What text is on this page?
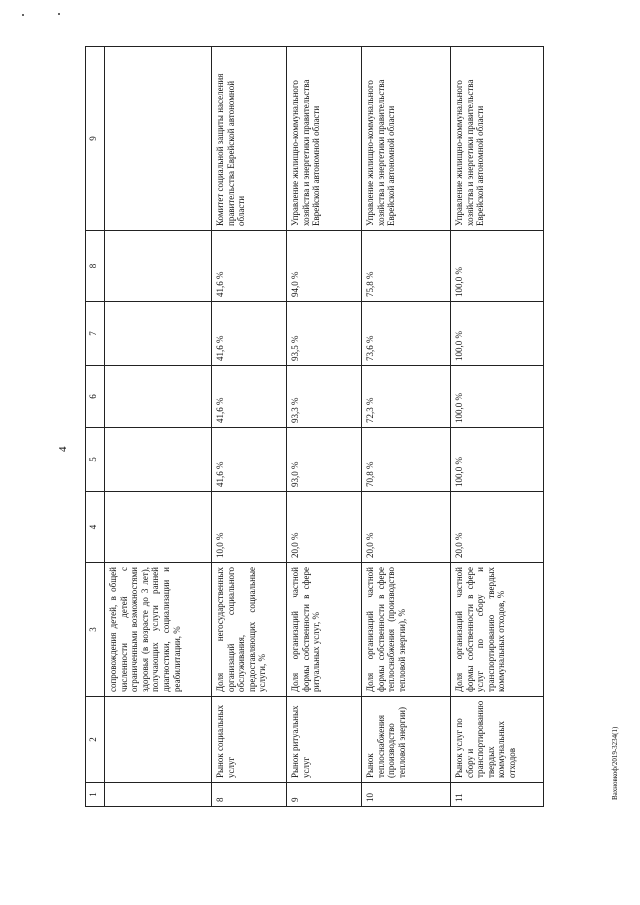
4
Вахновкоф/2019-3234(1)
1	2	3	4	5	6	7	8	9
		сопровождения детей, в общей численности детей с ограниченными возможностями здоровья (в возрасте до 3 лет), получающих услуги ранней диагностики, социализации и реабилитации, %						
8	Рынок социальных услуг	Доля негосударственных организаций социального обслуживания, предоставляющих социальные услуги, %	10,0 %	41,6 %	41,6 %	41,6 %	41,6 %	Комитет социальной защиты населения правительства Еврейской автономной области
9	Рынок ритуальных услуг	Доля организаций частной формы собственности в сфере ритуальных услуг, %	20,0 %	93,0 %	93,3 %	93,5 %	94,0 %	Управление жилищно-коммунального хозяйства и энергетики правительства Еврейской автономной области
10	Рынок теплоснабжения (производство тепловой энергии)	Доля организаций частной формы собственности в сфере теплоснабжения (производство тепловой энергии), %	20,0 %	70,8 %	72,3 %	73,6 %	75,8 %	Управление жилищно-коммунального хозяйства и энергетики правительства Еврейской автономной области
11	Рынок услуг по сбору и транспортированию твердых коммунальных отходов	Доля организаций частной формы собственности в сфере услуг по сбору и транспортированию твердых коммунальных отходов, %	20,0 %	100,0 %	100,0 %	100,0 %	100,0 %	Управление жилищно-коммунального хозяйства и энергетики правительства Еврейской автономной области
